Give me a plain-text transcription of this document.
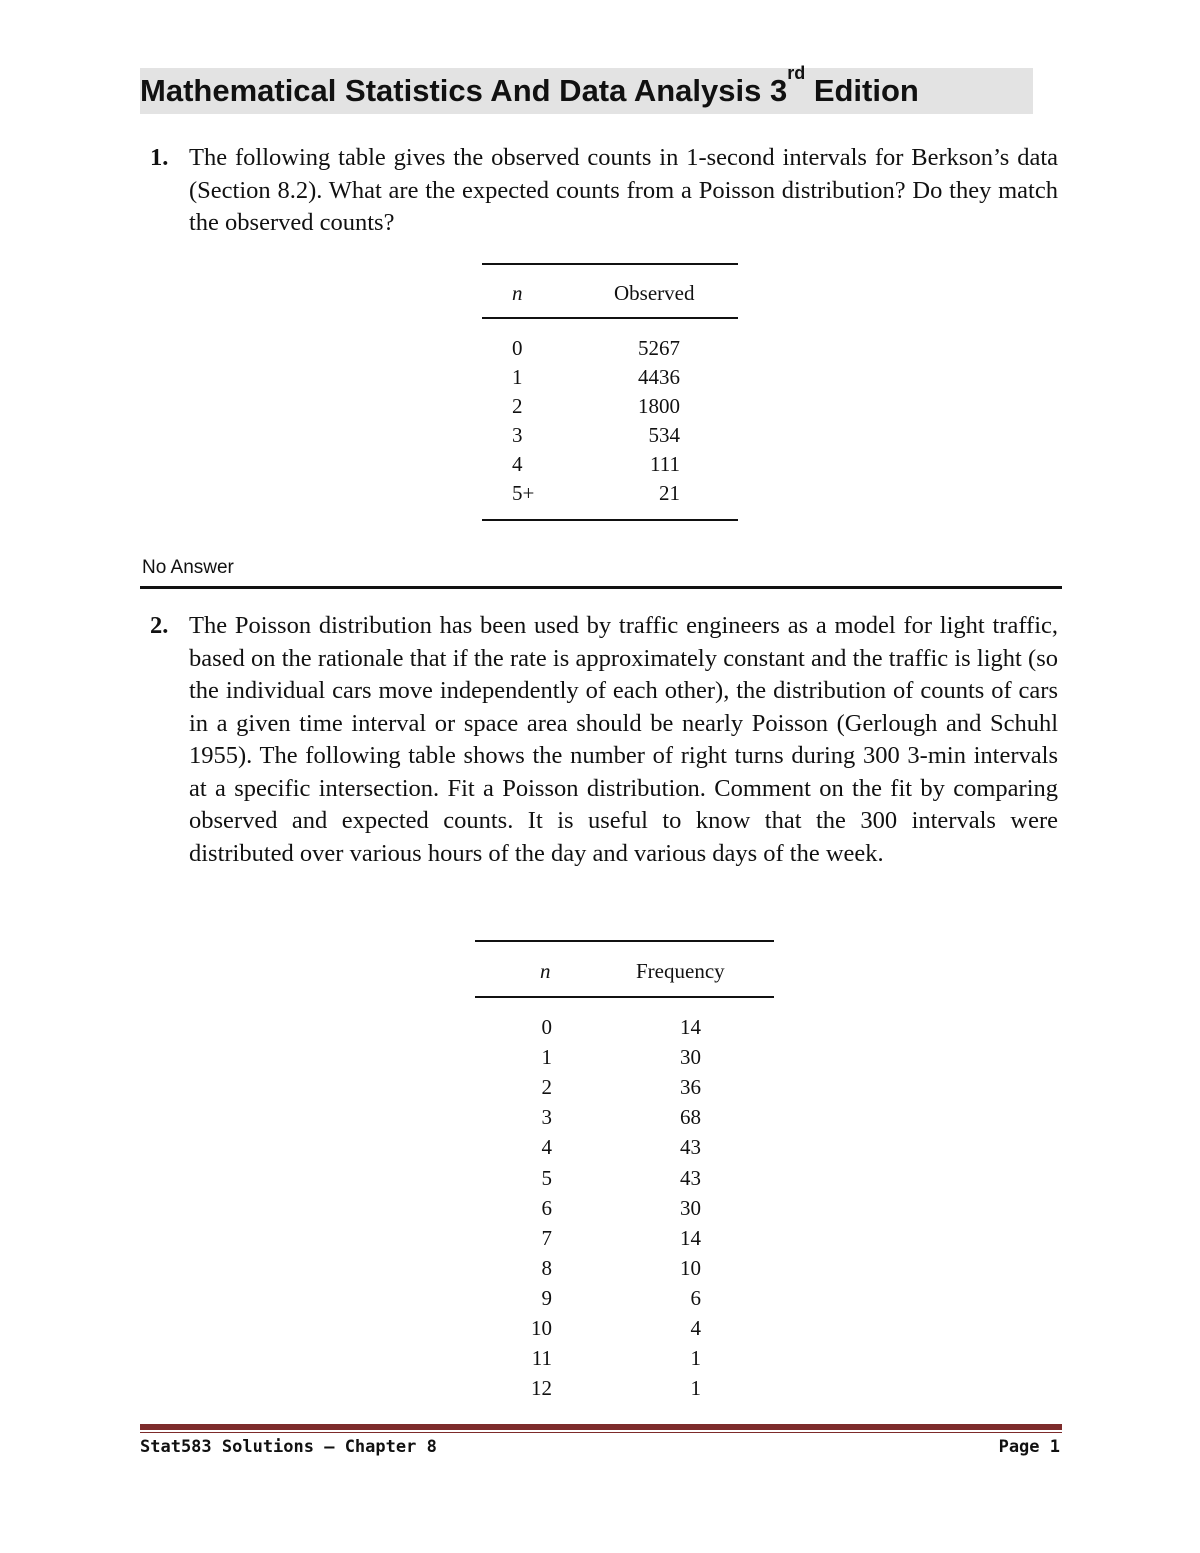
Mathematical Statistics And Data Analysis 3rd Edition
1. The following table gives the observed counts in 1-second intervals for Berkson’s data (Section 8.2). What are the expected counts from a Poisson distribution? Do they match the observed counts?
n	Observed
0	5267
1	4436
2	1800
3	534
4	111
5+	21
No Answer
2. The Poisson distribution has been used by traffic engineers as a model for light traffic, based on the rationale that if the rate is approximately constant and the traffic is light (so the individual cars move independently of each other), the distribution of counts of cars in a given time interval or space area should be nearly Poisson (Gerlough and Schuhl 1955). The following table shows the number of right turns during 300 3-min intervals at a specific intersection. Fit a Poisson distribution. Comment on the fit by comparing observed and expected counts. It is useful to know that the 300 intervals were distributed over various hours of the day and various days of the week.
n	Frequency
0	14
1	30
2	36
3	68
4	43
5	43
6	30
7	14
8	10
9	6
10	4
11	1
12	1
Stat583 Solutions – Chapter 8	Page 1
